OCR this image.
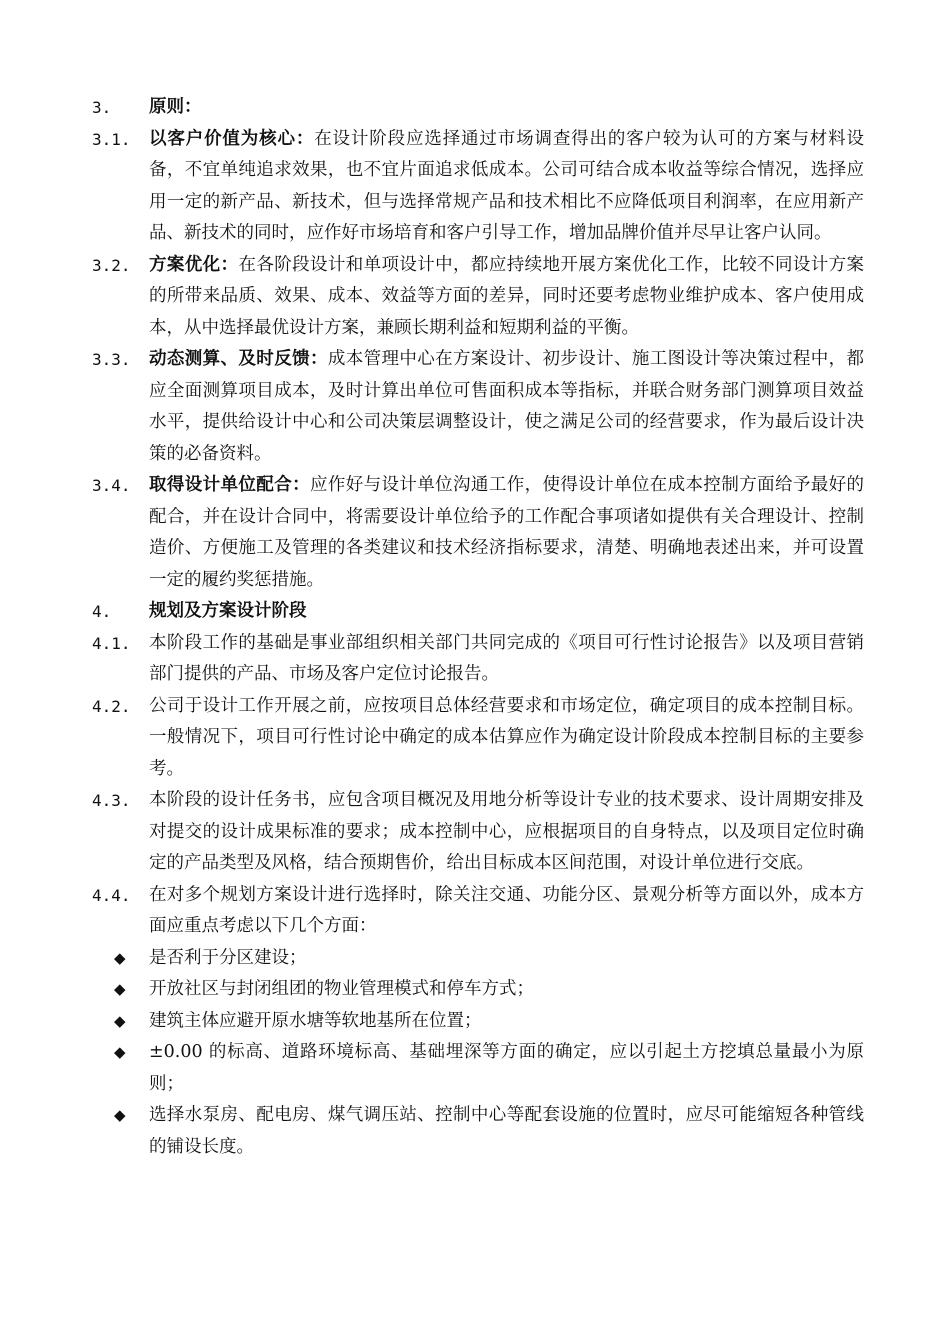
3.	原则：
3.1.	以客户价值为核心：在设计阶段应选择通过市场调查得出的客户较为认可的方案与材料设备，不宜单纯追求效果，也不宜片面追求低成本。公司可结合成本收益等综合情况，选择应用一定的新产品、新技术，但与选择常规产品和技术相比不应降低项目利润率，在应用新产品、新技术的同时，应作好市场培育和客户引导工作，增加品牌价值并尽早让客户认同。
3.2.	方案优化：在各阶段设计和单项设计中，都应持续地开展方案优化工作，比较不同设计方案的所带来品质、效果、成本、效益等方面的差异，同时还要考虑物业维护成本、客户使用成本，从中选择最优设计方案，兼顾长期利益和短期利益的平衡。
3.3.	动态测算、及时反馈：成本管理中心在方案设计、初步设计、施工图设计等决策过程中，都应全面测算项目成本，及时计算出单位可售面积成本等指标，并联合财务部门测算项目效益水平，提供给设计中心和公司决策层调整设计，使之满足公司的经营要求，作为最后设计决策的必备资料。
3.4.	取得设计单位配合：应作好与设计单位沟通工作，使得设计单位在成本控制方面给予最好的配合，并在设计合同中，将需要设计单位给予的工作配合事项诸如提供有关合理设计、控制造价、方便施工及管理的各类建议和技术经济指标要求，清楚、明确地表述出来，并可设置一定的履约奖惩措施。
4.	规划及方案设计阶段
4.1.	本阶段工作的基础是事业部组织相关部门共同完成的《项目可行性讨论报告》以及项目营销部门提供的产品、市场及客户定位讨论报告。
4.2.	公司于设计工作开展之前，应按项目总体经营要求和市场定位，确定项目的成本控制目标。一般情况下，项目可行性讨论中确定的成本估算应作为确定设计阶段成本控制目标的主要参考。
4.3.	本阶段的设计任务书，应包含项目概况及用地分析等设计专业的技术要求、设计周期安排及对提交的设计成果标准的要求；成本控制中心，应根据项目的自身特点，以及项目定位时确定的产品类型及风格，结合预期售价，给出目标成本区间范围，对设计单位进行交底。
4.4.	在对多个规划方案设计进行选择时，除关注交通、功能分区、景观分析等方面以外，成本方面应重点考虑以下几个方面：
◆	是否利于分区建设；
◆	开放社区与封闭组团的物业管理模式和停车方式；
◆	建筑主体应避开原水塘等软地基所在位置；
◆	±0.00 的标高、道路环境标高、基础埋深等方面的确定，应以引起土方挖填总量最小为原则；
◆	选择水泵房、配电房、煤气调压站、控制中心等配套设施的位置时，应尽可能缩短各种管线的铺设长度。
